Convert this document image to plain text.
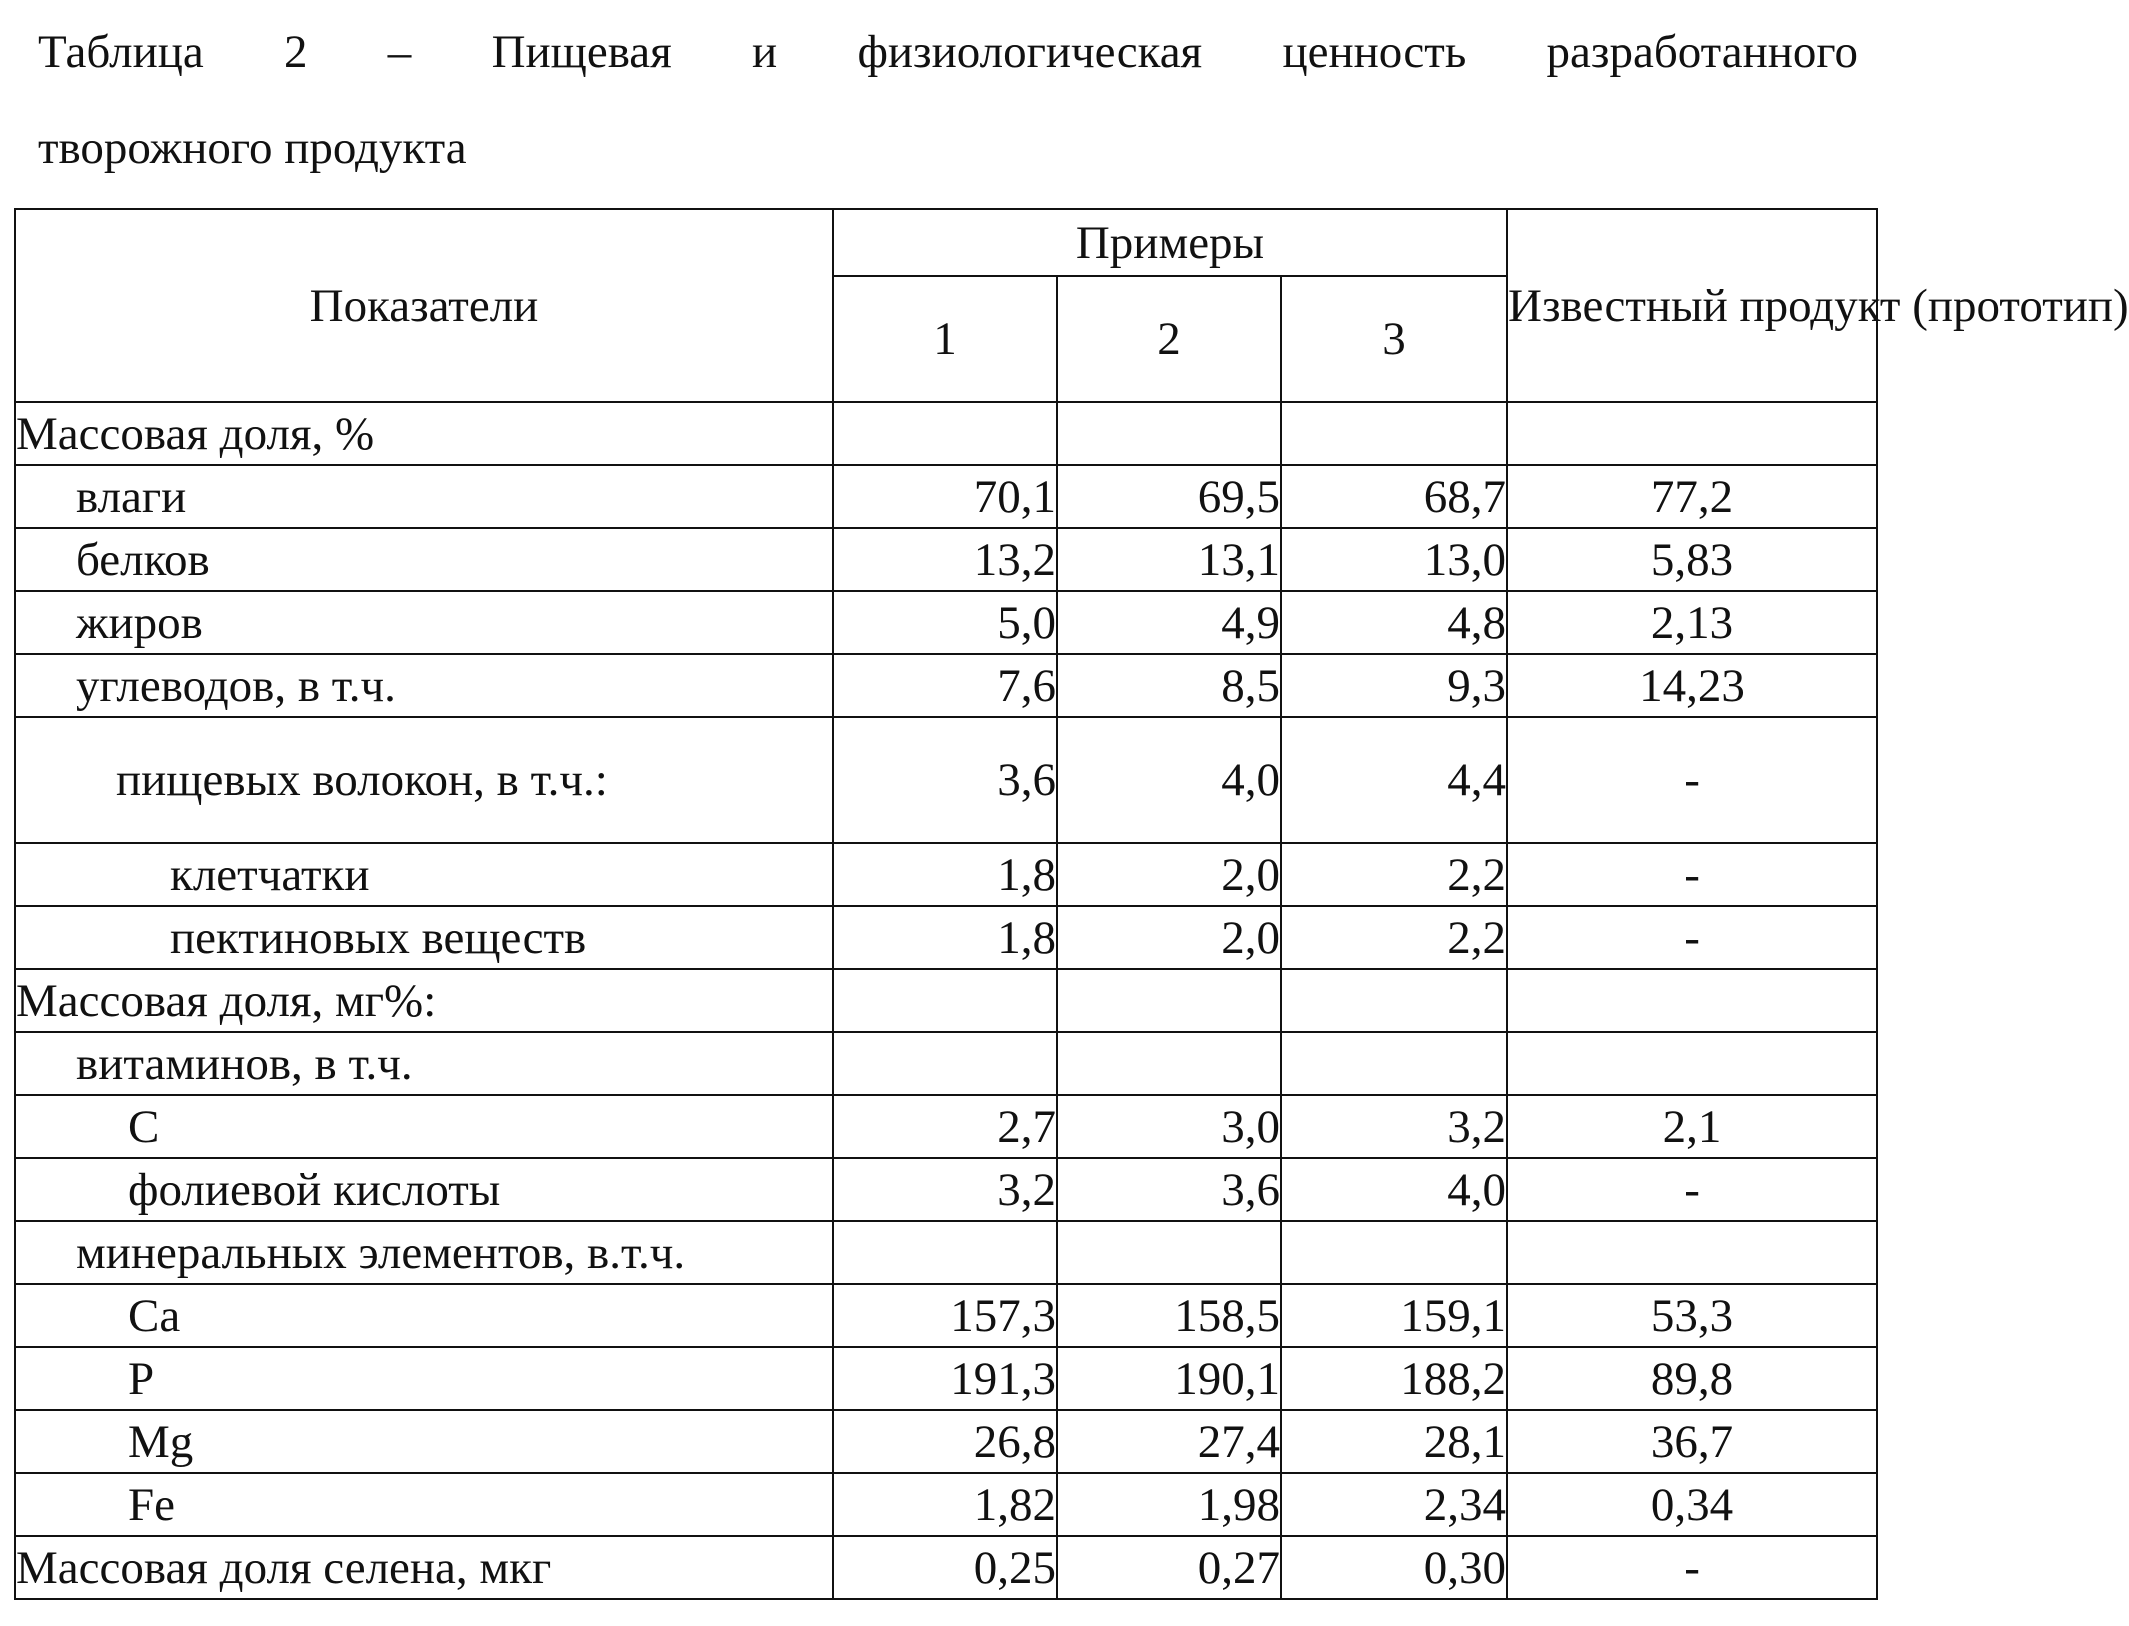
Таблица 2 – Пищевая и физиологическая ценность разработанного
творожного продукта
Показатели	Примеры			Известный продукт (прототип)
	1	2	3	
Массовая доля, %				
влаги	70,1	69,5	68,7	77,2
белков	13,2	13,1	13,0	5,83
жиров	5,0	4,9	4,8	2,13
углеводов, в т.ч.	7,6	8,5	9,3	14,23
пищевых волокон, в т.ч.:	3,6	4,0	4,4	-
клетчатки	1,8	2,0	2,2	-
пектиновых веществ	1,8	2,0	2,2	-
Массовая доля, мг%:				
витаминов, в т.ч.				
С	2,7	3,0	3,2	2,1
фолиевой кислоты	3,2	3,6	4,0	-
минеральных элементов, в.т.ч.				
Ca	157,3	158,5	159,1	53,3
P	191,3	190,1	188,2	89,8
Mg	26,8	27,4	28,1	36,7
Fe	1,82	1,98	2,34	0,34
Массовая доля селена, мкг	0,25	0,27	0,30	-
